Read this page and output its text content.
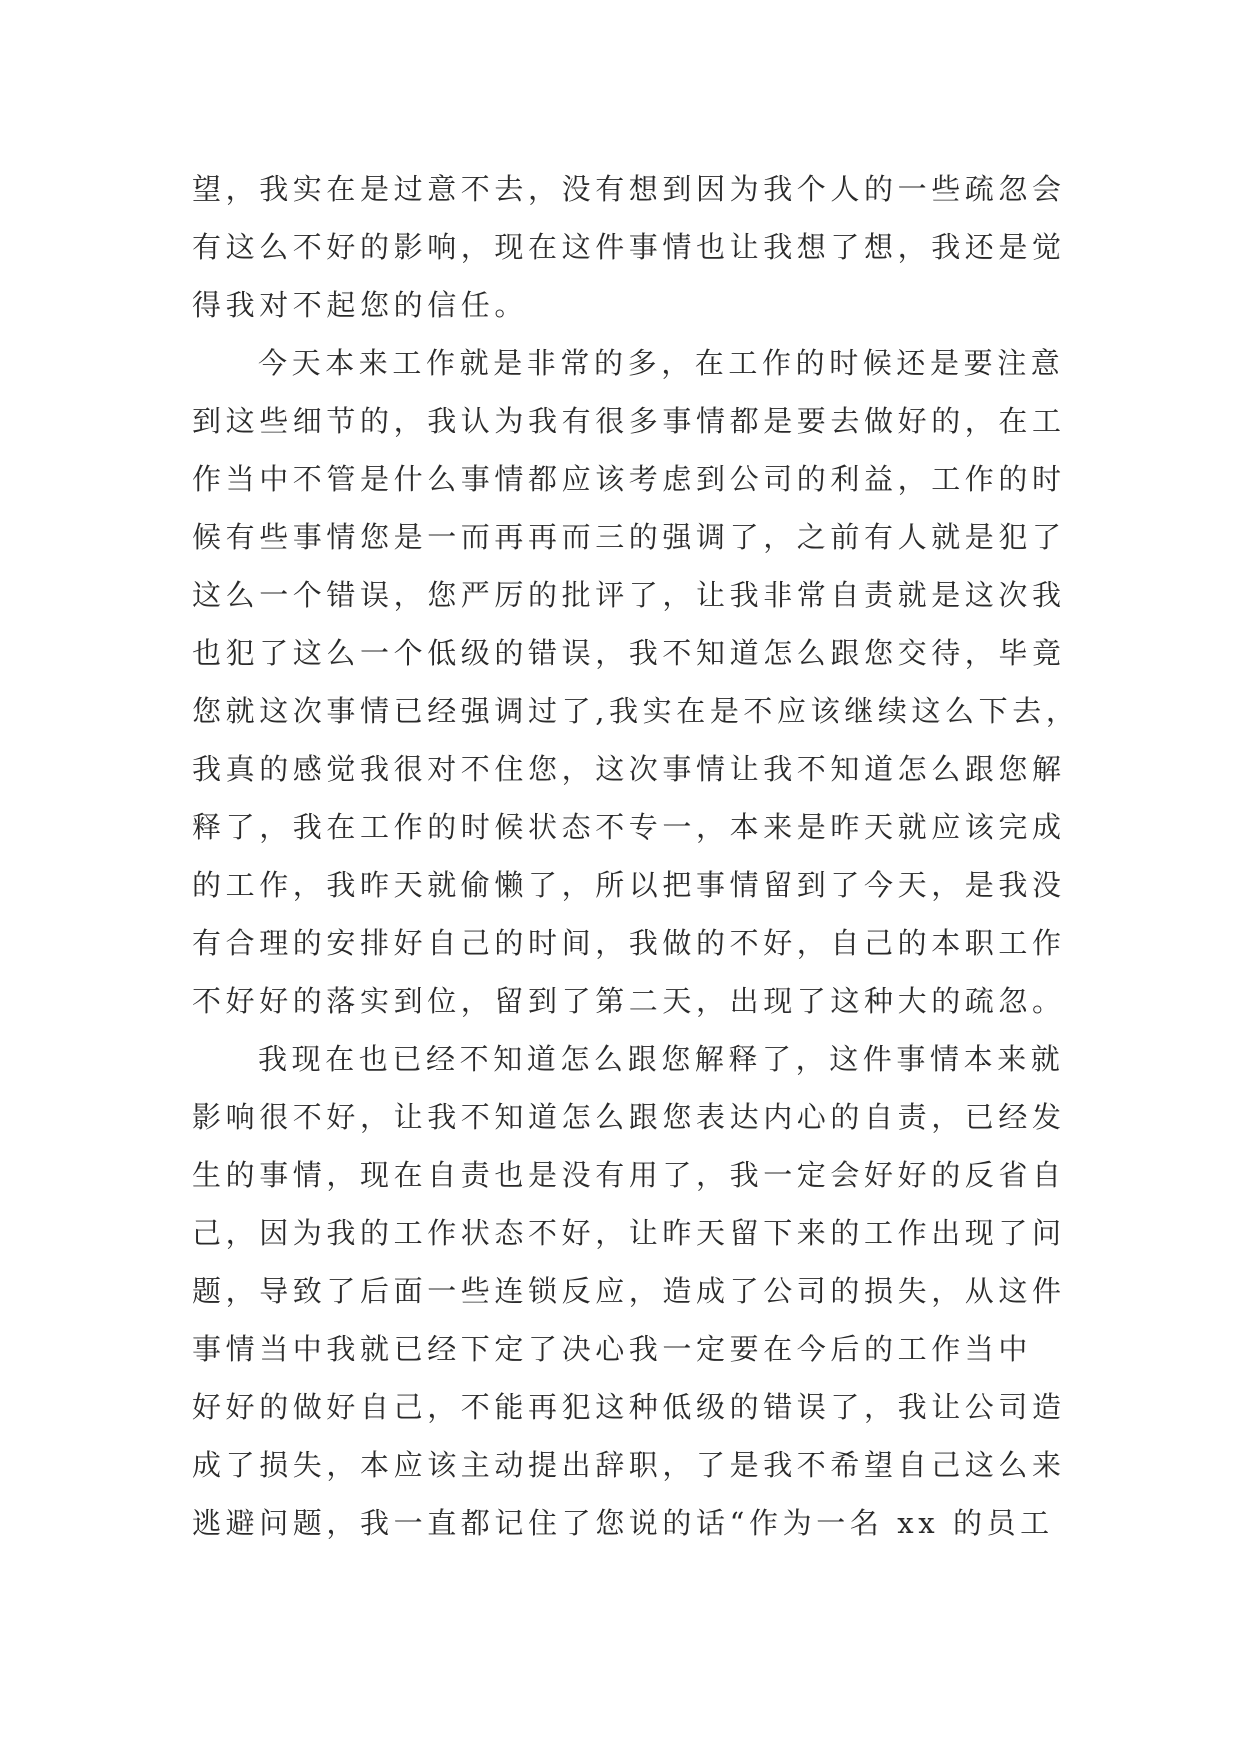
望，我实在是过意不去，没有想到因为我个人的一些疏忽会
有这么不好的影响，现在这件事情也让我想了想，我还是觉
得我对不起您的信任。
今天本来工作就是非常的多，在工作的时候还是要注意
到这些细节的，我认为我有很多事情都是要去做好的，在工
作当中不管是什么事情都应该考虑到公司的利益，工作的时
候有些事情您是一而再再而三的强调了，之前有人就是犯了
这么一个错误，您严厉的批评了，让我非常自责就是这次我
也犯了这么一个低级的错误，我不知道怎么跟您交待，毕竟
您就这次事情已经强调过了,我实在是不应该继续这么下去，
我真的感觉我很对不住您，这次事情让我不知道怎么跟您解
释了，我在工作的时候状态不专一，本来是昨天就应该完成
的工作，我昨天就偷懒了，所以把事情留到了今天，是我没
有合理的安排好自己的时间，我做的不好，自己的本职工作
不好好的落实到位，留到了第二天，出现了这种大的疏忽。
我现在也已经不知道怎么跟您解释了，这件事情本来就
影响很不好，让我不知道怎么跟您表达内心的自责，已经发
生的事情，现在自责也是没有用了，我一定会好好的反省自
己，因为我的工作状态不好，让昨天留下来的工作出现了问
题，导致了后面一些连锁反应，造成了公司的损失，从这件
事情当中我就已经下定了决心我一定要在今后的工作当中
好好的做好自己，不能再犯这种低级的错误了，我让公司造
成了损失，本应该主动提出辞职，了是我不希望自己这么来
逃避问题，我一直都记住了您说的话“作为一名 xx 的员工
